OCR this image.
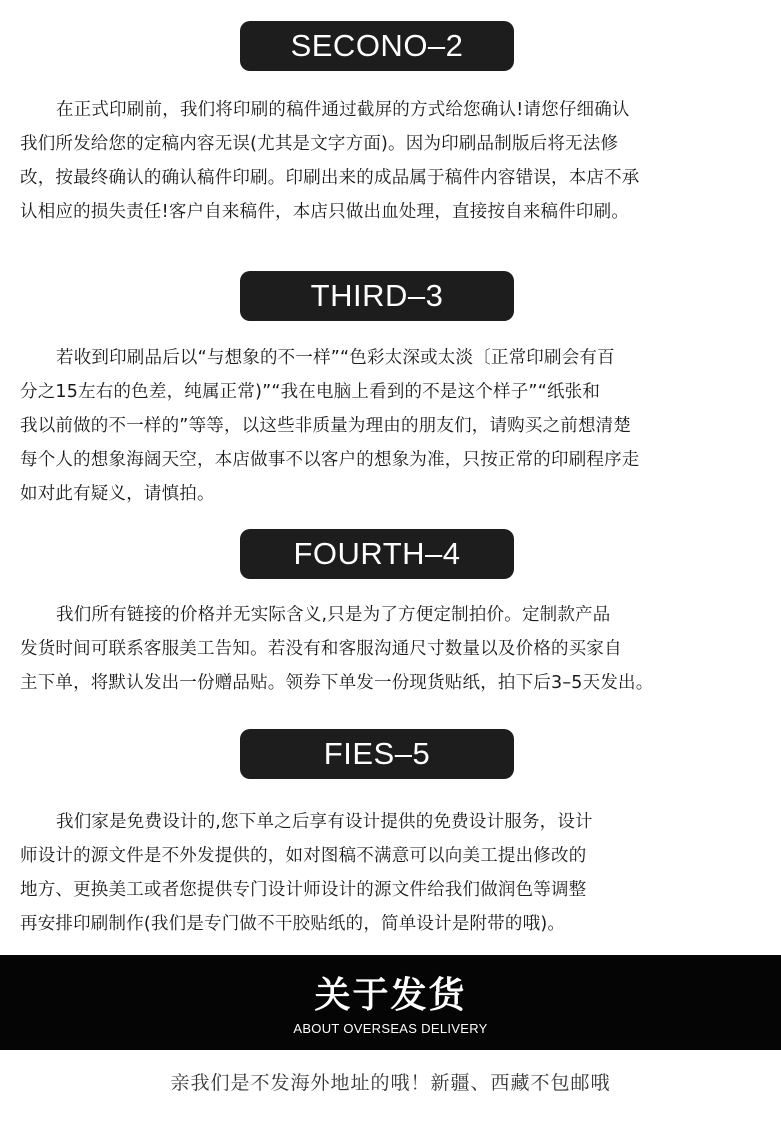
SECONO–2

在正式印刷前，我们将印刷的稿件通过截屏的方式给您确认!请您仔细确认

我们所发给您的定稿内容无误(尤其是文字方面)。因为印刷品制版后将无法修

改，按最终确认的确认稿件印刷。印刷出来的成品属于稿件内容错误，本店不承

认相应的损失责任!客户自来稿件，本店只做出血处理，直接按自来稿件印刷。

THIRD–3

若收到印刷品后以“与想象的不一样”“色彩太深或太淡〔正常印刷会有百

分之15左右的色差，纯属正常)”“我在电脑上看到的不是这个样子”“纸张和

我以前做的不一样的”等等，以这些非质量为理由的朋友们，请购买之前想清楚

每个人的想象海阔天空，本店做事不以客户的想象为准，只按正常的印刷程序走

如对此有疑义，请慎拍。

FOURTH–4

我们所有链接的价格并无实际含义,只是为了方便定制拍价。定制款产品

发货时间可联系客服美工告知。若没有和客服沟通尺寸数量以及价格的买家自

主下单，将默认发出一份赠品贴。领券下单发一份现货贴纸，拍下后3–5天发出。

FIES–5

我们家是免费设计的,您下单之后享有设计提供的免费设计服务，设计

师设计的源文件是不外发提供的，如对图稿不满意可以向美工提出修改的

地方、更换美工或者您提供专门设计师设计的源文件给我们做润色等调整

再安排印刷制作(我们是专门做不干胶贴纸的，简单设计是附带的哦)。

关于发货
ABOUT OVERSEAS DELIVERY
亲我们是不发海外地址的哦！新疆、西藏不包邮哦
